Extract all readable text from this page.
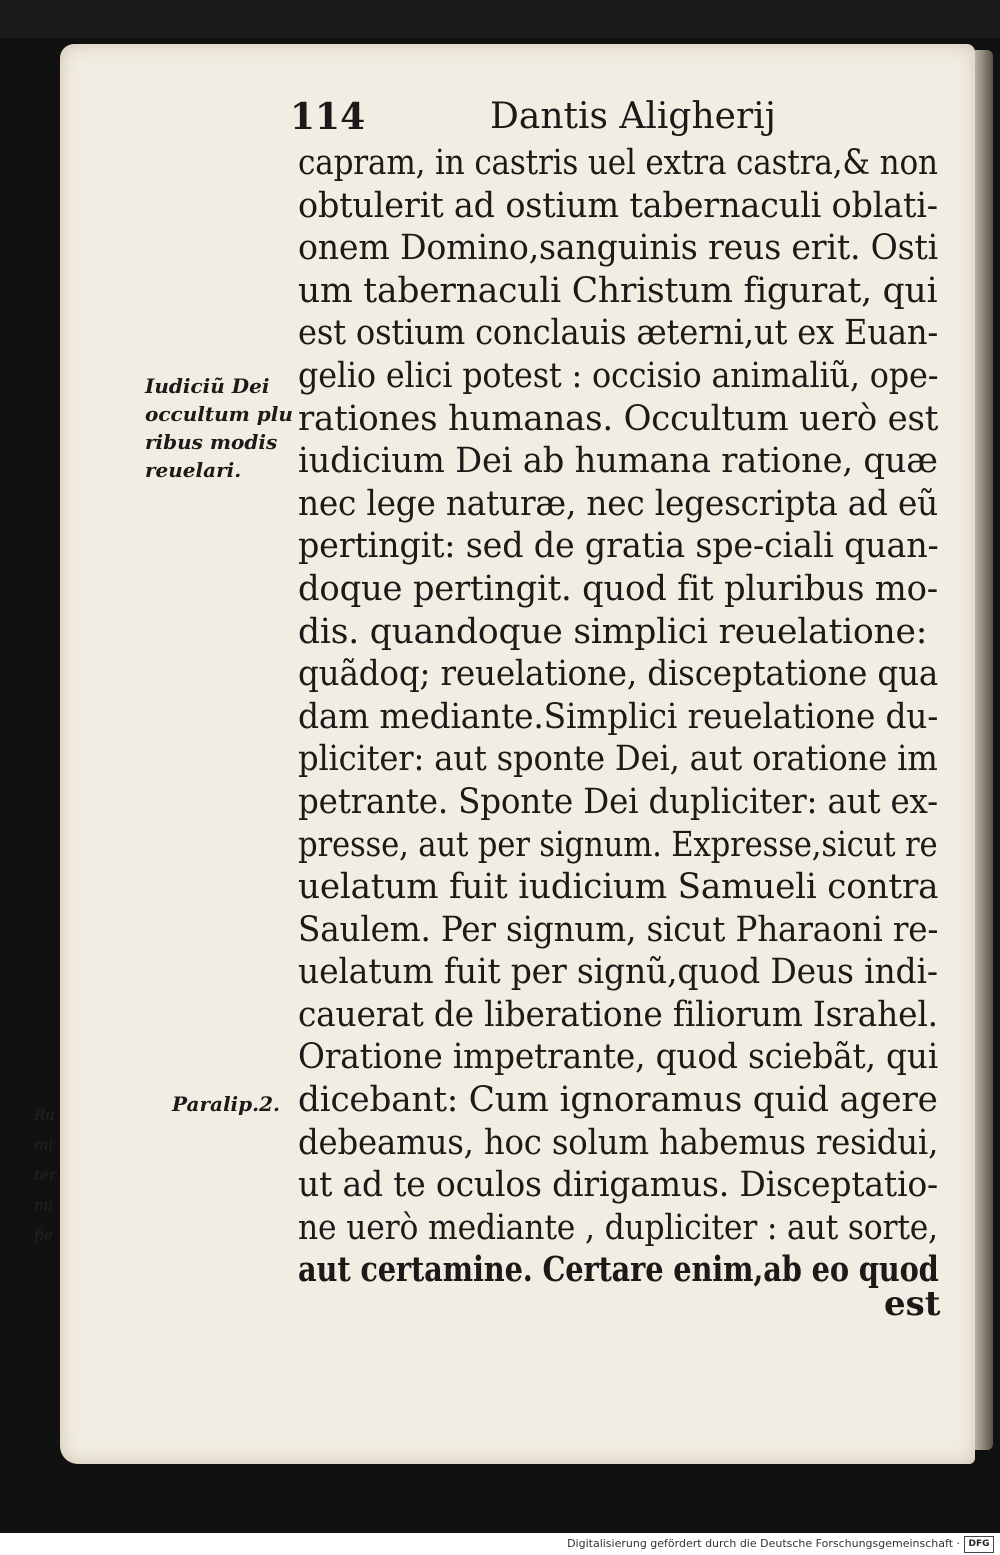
Ru
mi
ter
mi
fie
114	Dantis Aligherij
Iudiciũ Dei
occultum plu
ribus modis
reuelari.
Paralip.2.
capram, in castris uel extra castra,& non
obtulerit ad ostium tabernaculi oblati-
onem Domino,sanguinis reus erit. Osti
um tabernaculi Christum figurat, qui
est ostium conclauis æterni,ut ex Euan-
gelio elici potest : occisio animaliũ, ope-
rationes humanas. Occultum uerò est
iudicium Dei ab humana ratione, quæ
nec lege naturæ, nec legescripta ad eũ
pertingit: sed de gratia spe-ciali quan-
doque pertingit. quod fit pluribus mo-
dis. quandoque simplici reuelatione:
quãdoq; reuelatione, disceptatione qua
dam mediante.Simplici reuelatione du-
pliciter: aut sponte Dei, aut oratione im
petrante. Sponte Dei dupliciter: aut ex-
presse, aut per signum. Expresse,sicut re
uelatum fuit iudicium Samueli contra
Saulem. Per signum, sicut Pharaoni re-
uelatum fuit per signũ,quod Deus indi-
cauerat de liberatione filiorum Israhel.
Oratione impetrante, quod sciebãt, qui
dicebant: Cum ignoramus quid agere
debeamus, hoc solum habemus residui,
ut ad te oculos dirigamus. Disceptatio-
ne uerò mediante , dupliciter : aut sorte,
aut certamine. Certare enim,ab eo quod
est
Digitalisierung gefördert durch die Deutsche Forschungsgemeinschaft · DFG
